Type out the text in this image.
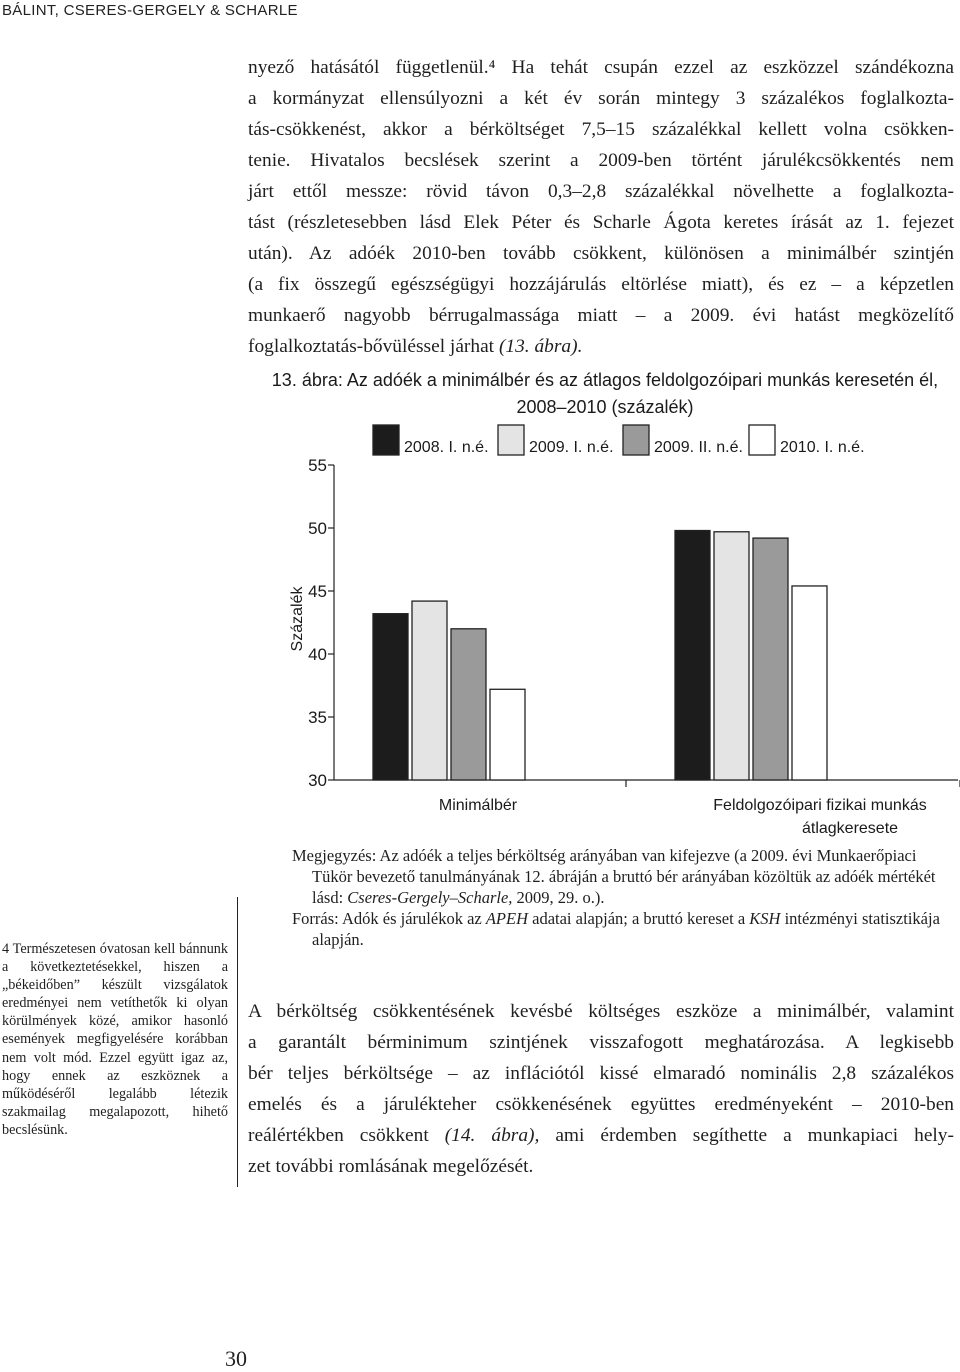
BÁLINT, CSERES-GERGELY & SCHARLE
nyező hatásától függetlenül.⁴ Ha tehát csupán ezzel az eszközzel szándékozna
a kormányzat ellensúlyozni a két év során mintegy 3 százalékos foglalkozta-
tás-csökkenést, akkor a bérköltséget 7,5–15 százalékkal kellett volna csökken-
tenie. Hivatalos becslések szerint a 2009-ben történt járulékcsökkentés nem
járt ettől messze: rövid távon 0,3–2,8 százalékkal növelhette a foglalkozta-
tást (részletesebben lásd Elek Péter és Scharle Ágota keretes írását az 1. fejezet
után). Az adóék 2010-ben tovább csökkent, különösen a minimálbér szintjén
(a fix összegű egészségügyi hozzájárulás eltörlése miatt), és ez – a képzetlen
munkaerő nagyobb bérrugalmassága miatt – a 2009. évi hatást megközelítő
foglalkoztatás-bővüléssel járhat (13. ábra).
13. ábra: Az adóék a minimálbér és az átlagos feldolgozóipari munkás keresetén él,
2008–2010 (százalék)
30
35
40
45
50
55
Százalék
Minimálbér	Feldolgozóipari fizikai munkás
átlagkeresete
2008. I. n.é.	2009. I. n.é.	2009. II. n.é. 2010. I. n.é.

Megjegyzés: Az adóék a teljes bérköltség arányában van kifejezve (a 2009. évi Munkaerőpiaci Tükör bevezető tanulmányának 12. ábráján a bruttó bér arányában közöltük az adóék mértékét lásd: Cseres-Gergely–Scharle, 2009, 29. o.).

Forrás: Adók és járulékok az APEH adatai alapján; a bruttó kereset a KSH intézményi statisztikája alapján.

A bérköltség csökkentésének kevésbé költséges eszköze a minimálbér, valamint
a garantált bérminimum szintjének visszafogott meghatározása. A legkisebb
bér teljes bérköltsége – az inflációtól kissé elmaradó nominális 2,8 százalékos
emelés és a járulékteher csökkenésének együttes eredményeként – 2010-ben
reálértékben csökkent (14. ábra), ami érdemben segíthette a munkapiaci hely-
zet további romlásának megelőzését.
4 Természetesen óvatosan kell bánnunk a következtetésekkel, hiszen a „békeidőben” készült vizsgálatok eredményei nem vetíthetők ki olyan körülmények közé, amikor hasonló események megfigyelésére korábban nem volt mód. Ezzel együtt igaz az, hogy ennek az eszköznek a működéséről legalább létezik szakmailag megalapozott, hihető becslésünk.
30
